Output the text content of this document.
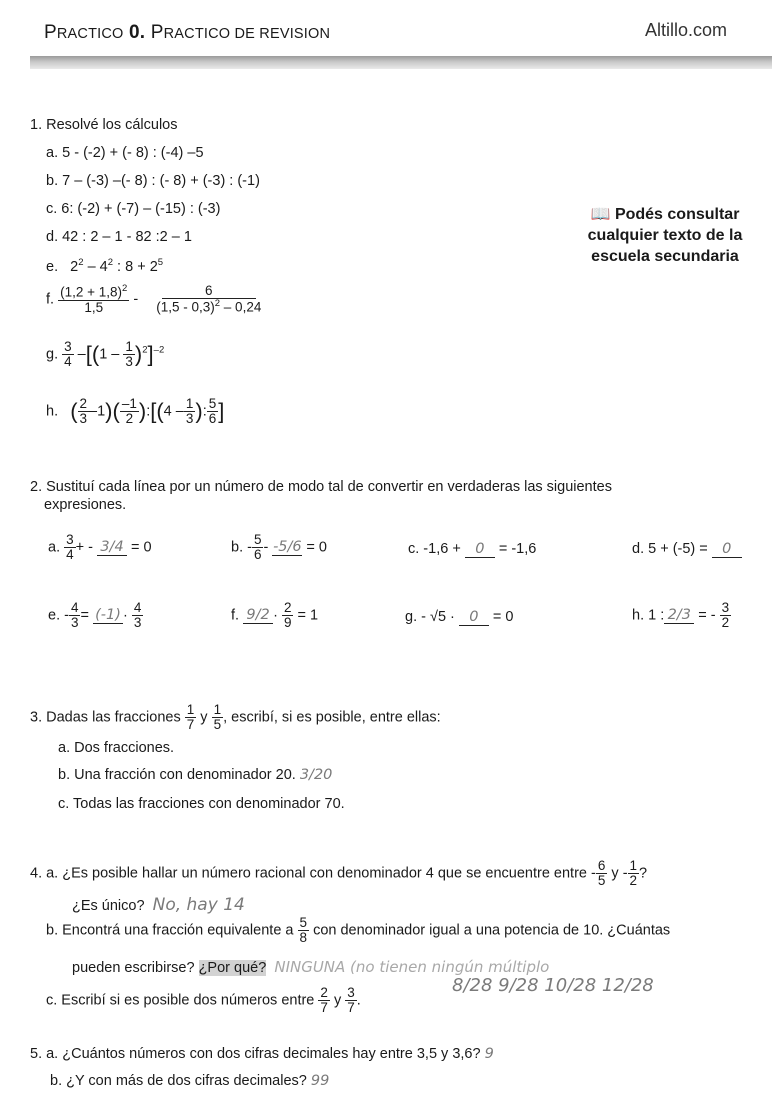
PRACTICO 0. PRACTICO DE REVISION	Altillo.com
📖 Podés consultar cualquier texto de la escuela secundaria
1. Resolvé los cálculos
a. 5 - (-2) + (- 8) : (-4) –5
b. 7 – (-3) –(- 8) : (- 8) + (-3) : (-1)
c. 6: (-2) + (-7) – (-15) : (-3)
d. 42 : 2 – 1 - 82 :2 – 1
e.   $2^2 - 4^2$ : $8 + 2^5$
f. $\frac{(1,2 + 1,8)^2}{1,5} - \frac{6}{(1,5 - 0,3)^2 - 0,24}$
g. $\frac{3}{4} -[(1 - \frac{1}{3} )^2]^{-2}$
h. ( $\frac{2}{3} -1)( \frac{-1}{2}$ ):[(4 – $\frac{1}{3}$ ): $\frac{5}{6}$ ]
2. Sustituí cada línea por un número de modo tal de convertir en verdaderas las siguientes
expresiones.
a. $\frac{3}{4}$ + - 3/4 = 0	b. - $\frac{5}{6} - -5/6 = 0$	c. -1,6 + 0 = -1,6	d. 5 + (-5) = 0
e. - $\frac{4}{3} = (-1) \cdot \frac{4}{3}$	f. $9/2 \cdot \frac{2}{9} = 1$	g. - √5 · 0 = 0	h. 1 : 2/3 = - $\frac{3}{2}$
3. Dadas las fracciones $\frac{1}{7}$ y $\frac{1}{5}$ , escribí, si es posible, entre ellas:
a. Dos fracciones.
b. Una fracción con denominador 20. 3/20
c. Todas las fracciones con denominador 70.
4. a. ¿Es posible hallar un número racional con denominador 4 que se encuentre entre - $\frac{6}{5}$ y - $\frac{1}{2}$ ?
¿Es único? No, hay 14
b. Encontrá una fracción equivalente a $\frac{5}{8}$ con denominador igual a una potencia de 10. ¿Cuántas
pueden escribirse? ¿Por qué? NINGUNA (no tienen ningún múltiplo
c. Escribí si es posible dos números entre $\frac{2}{7}$ y $\frac{3}{7}$ .
8/28 9/28 10/28 12/28
5. a. ¿Cuántos números con dos cifras decimales hay entre 3,5 y 3,6? 9
b. ¿Y con más de dos cifras decimales? 99
